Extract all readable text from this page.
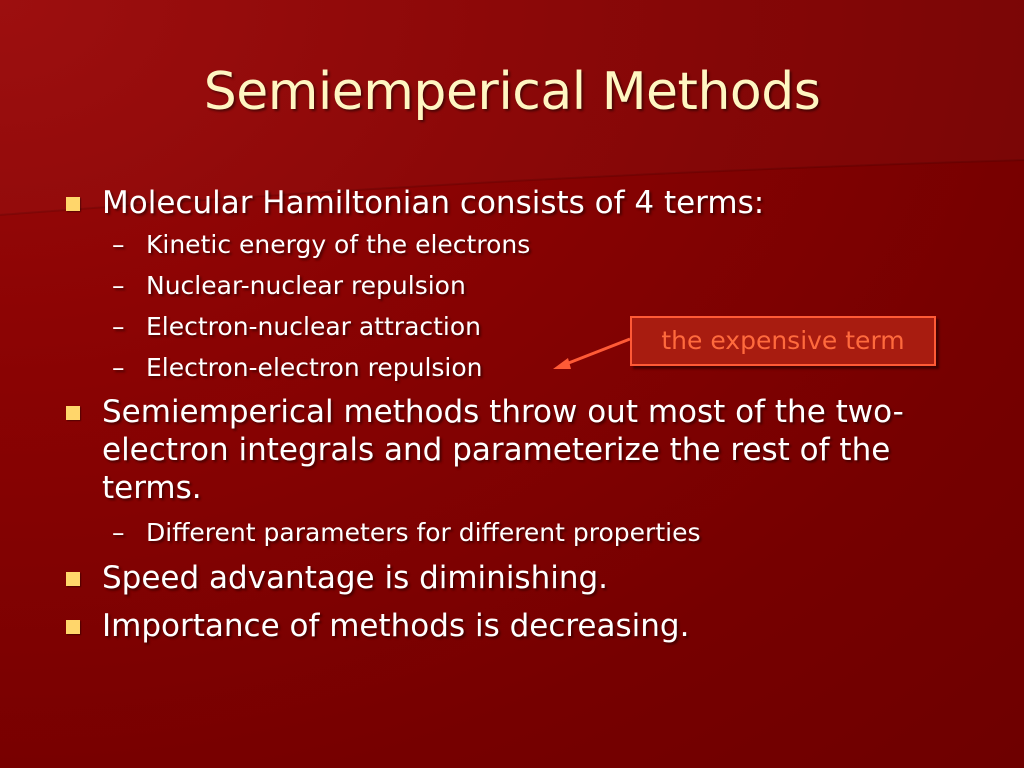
Semiemperical Methods
Molecular Hamiltonian consists of 4 terms:
– Kinetic energy of the electrons
– Nuclear-nuclear repulsion
– Electron-nuclear attraction
– Electron-electron repulsion
the expensive term
Semiemperical methods throw out most of the two-electron integrals and parameterize the rest of the terms.
– Different parameters for different properties
Speed advantage is diminishing.
Importance of methods is decreasing.
